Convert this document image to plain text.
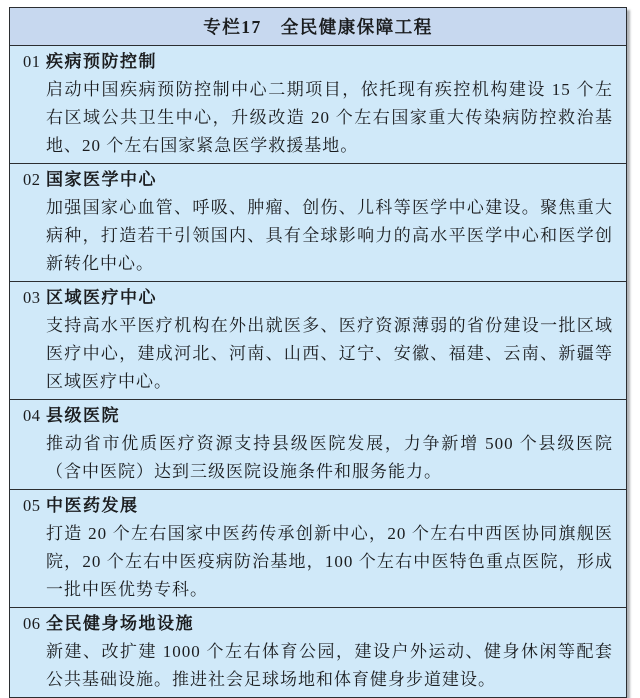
专栏17　全民健康保障工程
01 疾病预防控制
启动中国疾病预防控制中心二期项目，依托现有疾控机构建设 15 个左右区域公共卫生中心，升级改造 20 个左右国家重大传染病防控救治基地、20 个左右国家紧急医学救援基地。
02 国家医学中心
加强国家心血管、呼吸、肿瘤、创伤、儿科等医学中心建设。聚焦重大病种，打造若干引领国内、具有全球影响力的高水平医学中心和医学创新转化中心。
03 区域医疗中心
支持高水平医疗机构在外出就医多、医疗资源薄弱的省份建设一批区域医疗中心，建成河北、河南、山西、辽宁、安徽、福建、云南、新疆等区域医疗中心。
04 县级医院
推动省市优质医疗资源支持县级医院发展，力争新增 500 个县级医院（含中医院）达到三级医院设施条件和服务能力。
05 中医药发展
打造 20 个左右国家中医药传承创新中心，20 个左右中西医协同旗舰医院，20 个左右中医疫病防治基地，100 个左右中医特色重点医院，形成一批中医优势专科。
06 全民健身场地设施
新建、改扩建 1000 个左右体育公园，建设户外运动、健身休闲等配套公共基础设施。推进社会足球场地和体育健身步道建设。
